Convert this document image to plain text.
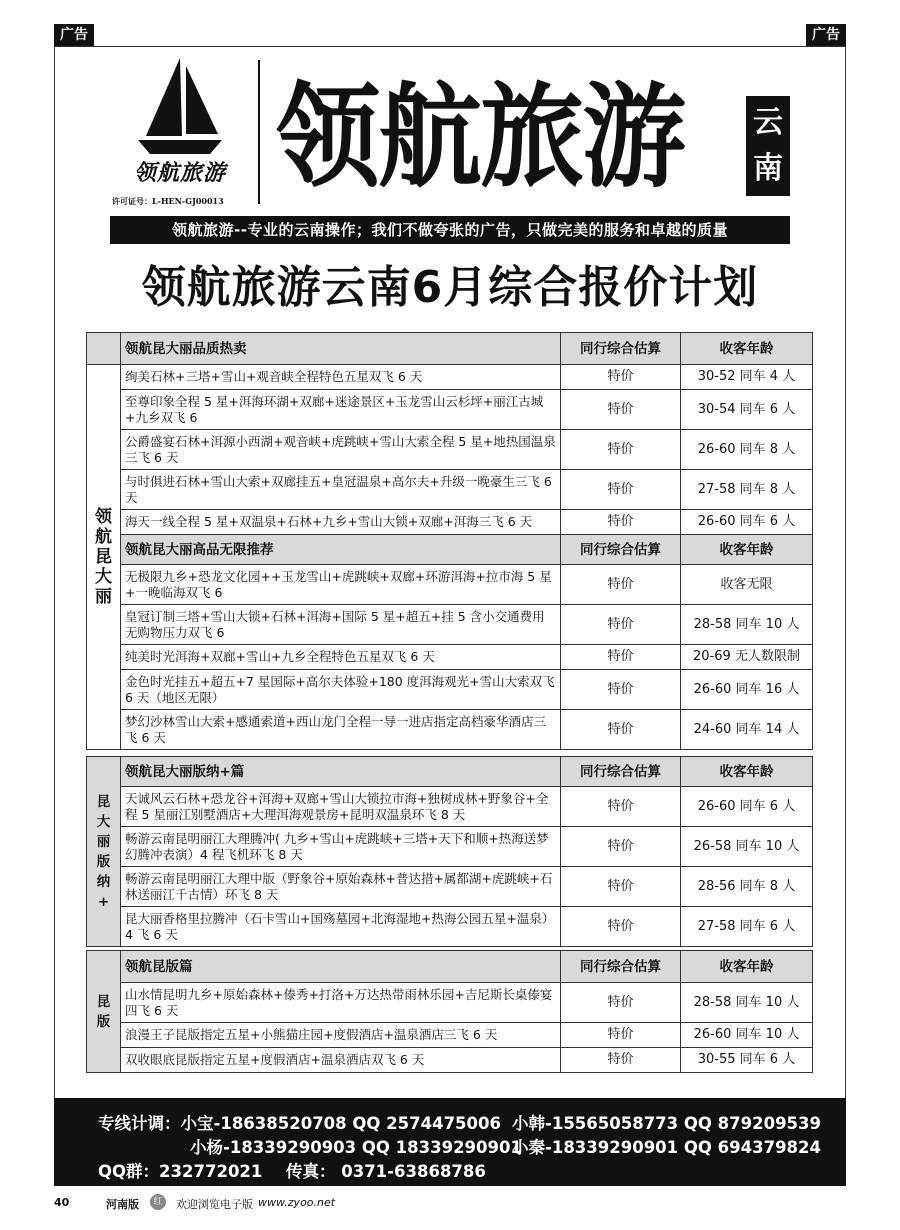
广告	广告
领航旅游
许可证号：L-HEN-GJ00013 领航旅游 云南
领航旅游--专业的云南操作；我们不做夸张的广告，只做完美的服务和卓越的质量
领航旅游云南6月综合报价计划
	领航昆大丽品质热卖	同行综合估算	收客年龄

领航昆大丽	绚美石林+三塔+雪山+观音峡全程特色五星双飞 6 天	特价	30-52 同车 4 人
	至尊印象全程 5 星+洱海环湖+双廊+迷途景区+玉龙雪山云杉坪+丽江古城+九乡双飞 6	特价	30-54 同车 6 人
	公爵盛宴石林+洱源小西湖+观音峡+虎跳峡+雪山大索全程 5 星+地热国温泉三飞 6 天	特价	26-60 同车 8 人
	与时俱进石林+雪山大索+双廊挂五+皇冠温泉+高尔夫+升级一晚豪生三飞 6 天	特价	27-58 同车 8 人
	海天一线全程 5 星+双温泉+石林+九乡+雪山大锁+双廊+洱海三飞 6 天	特价	26-60 同车 6 人
	领航昆大丽高品无限推荐	同行综合估算	收客年龄
	无极限九乡+恐龙文化园++玉龙雪山+虎跳峡+双廊+环游洱海+拉市海 5 星+一晚临海双飞 6	特价	收客无限
	皇冠订制三塔+雪山大锁+石林+洱海+国际 5 星+超五+挂 5 含小交通费用无购物压力双飞 6	特价	28-58 同车 10 人
	纯美时光洱海+双廊+雪山+九乡全程特色五星双飞 6 天	特价	20-69 无人数限制
	金色时光挂五+超五+7 星国际+高尔夫体验+180 度洱海观光+雪山大索双飞 6 天（地区无限）	特价	26-60 同车 16 人
	梦幻沙林雪山大索+感通索道+西山龙门全程一导一进店指定高档豪华酒店三飞 6 天	特价	24-60 同车 14 人
昆大丽版纳+	领航昆大丽版纳+篇	同行综合估算	收客年龄
	天诚风云石林+恐龙谷+洱海+双廊+雪山大锁拉市海+独树成林+野象谷+全程 5 星丽江别墅酒店+大理洱海观景房+昆明双温泉环飞 8 天	特价	26-60 同车 6 人
	畅游云南昆明丽江大理腾冲( 九乡+雪山+虎跳峡+三塔+天下和顺+热海送梦幻腾冲表演）4 程飞机环飞 8 天	特价	26-58 同车 10 人
	畅游云南昆明丽江大理中版（野象谷+原始森林+普达措+属都湖+虎跳峡+石林送丽江千古情）环飞 8 天	特价	28-56 同车 8 人
	昆大丽香格里拉腾冲（石卡雪山+国殇墓园+北海湿地+热海公园五星+温泉）4 飞 6 天	特价	27-58 同车 6 人
昆版	领航昆版篇	同行综合估算	收客年龄
	山水情昆明九乡+原始森林+傣秀+打洛+万达热带雨林乐园+吉尼斯长桌傣宴四飞 6 天	特价	28-58 同车 10 人
	浪漫王子昆版指定五星+小熊猫庄园+度假酒店+温泉酒店三飞 6 天	特价	26-60 同车 10 人
	双收眼底昆版指定五星+度假酒店+温泉酒店双飞 6 天	特价	30-55 同车 6 人
专线计调：小宝-18638520708 QQ 2574475006 小韩-15565058773 QQ 879209539
小杨-18339290903 QQ 18339290901
小秦-18339290901 QQ 694379824
QQ群：232772021 传真： 0371-63868786
40	河南版	红	欢迎浏览电子版 www.zyoo.net
